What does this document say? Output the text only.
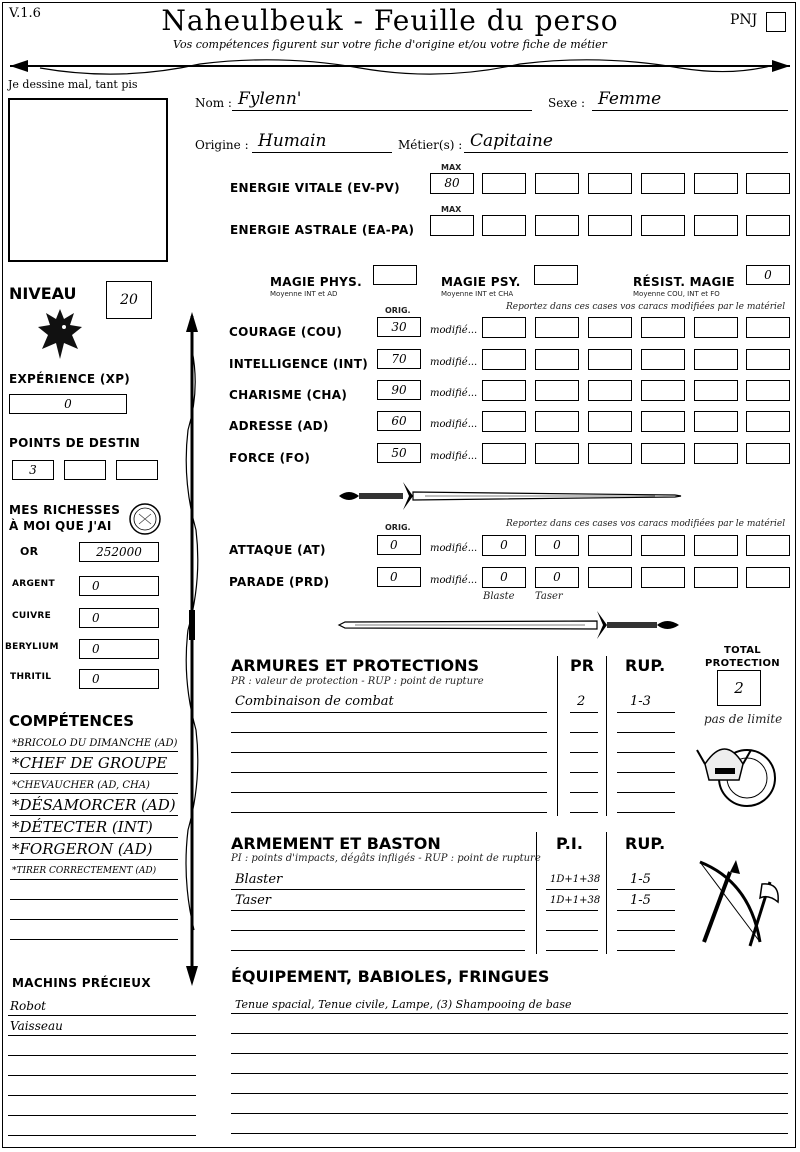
V.1.6	Naheulbeuk - Feuille du perso
Vos compétences figurent sur votre fiche d'origine et/ou votre fiche de métier
PNJ
Je dessine mal, tant pis
Nom : Fylenn'	Sexe : Femme
Origine : Humain	Métier(s) : Capitaine
MAX
ENERGIE VITALE (EV-PV)	80
MAX
ENERGIE ASTRALE (EA-PA)
MAGIE PHYS.
Moyenne INT et AD
MAGIE PSY.
Moyenne INT et CHA
RÉSIST. MAGIE
Moyenne COU, INT et FO
0
NIVEAU	20
EXPÉRIENCE (XP)
0
POINTS DE DESTIN
3
MES RICHESSES
À MOI QUE J'AI
OR	252000
ARGENT	0
CUIVRE	0
BERYLIUM	0
THRITIL	0
ORIG.	Reportez dans ces cases vos caracs modifiées par le matériel
COURAGE (COU)	30	modifié...
INTELLIGENCE (INT)	70	modifié...
CHARISME (CHA)	90	modifié...
ADRESSE (AD)	60	modifié...
FORCE (FO)	50	modifié...
ORIG.	Reportez dans ces cases vos caracs modifiées par le matériel
ATTAQUE (AT)	0	modifié...	0	0
PARADE (PRD)	0	modifié...	0	0
Blaste Taser
ARMURES ET PROTECTIONS	PR RUP.
PR : valeur de protection - RUP : point de rupture
Combinaison de combat	2	1-3
TOTAL
PROTECTION
2
pas de limite
ARMEMENT ET BASTON	P.I.	RUP.
PI : points d'impacts, dégâts infligés - RUP : point de rupture
Blaster	1D+1+38 1-5
Taser	1D+1+38 1-5
COMPÉTENCES
*BRICOLO DU DIMANCHE (AD)
*CHEF DE GROUPE
*CHEVAUCHER (AD, CHA)
*DÉSAMORCER (AD)
*DÉTECTER (INT)
*FORGERON (AD)
*TIRER CORRECTEMENT (AD)
MACHINS PRÉCIEUX
Robot
Vaisseau
ÉQUIPEMENT, BABIOLES, FRINGUES
Tenue spacial, Tenue civile, Lampe, (3) Shampooing de base
